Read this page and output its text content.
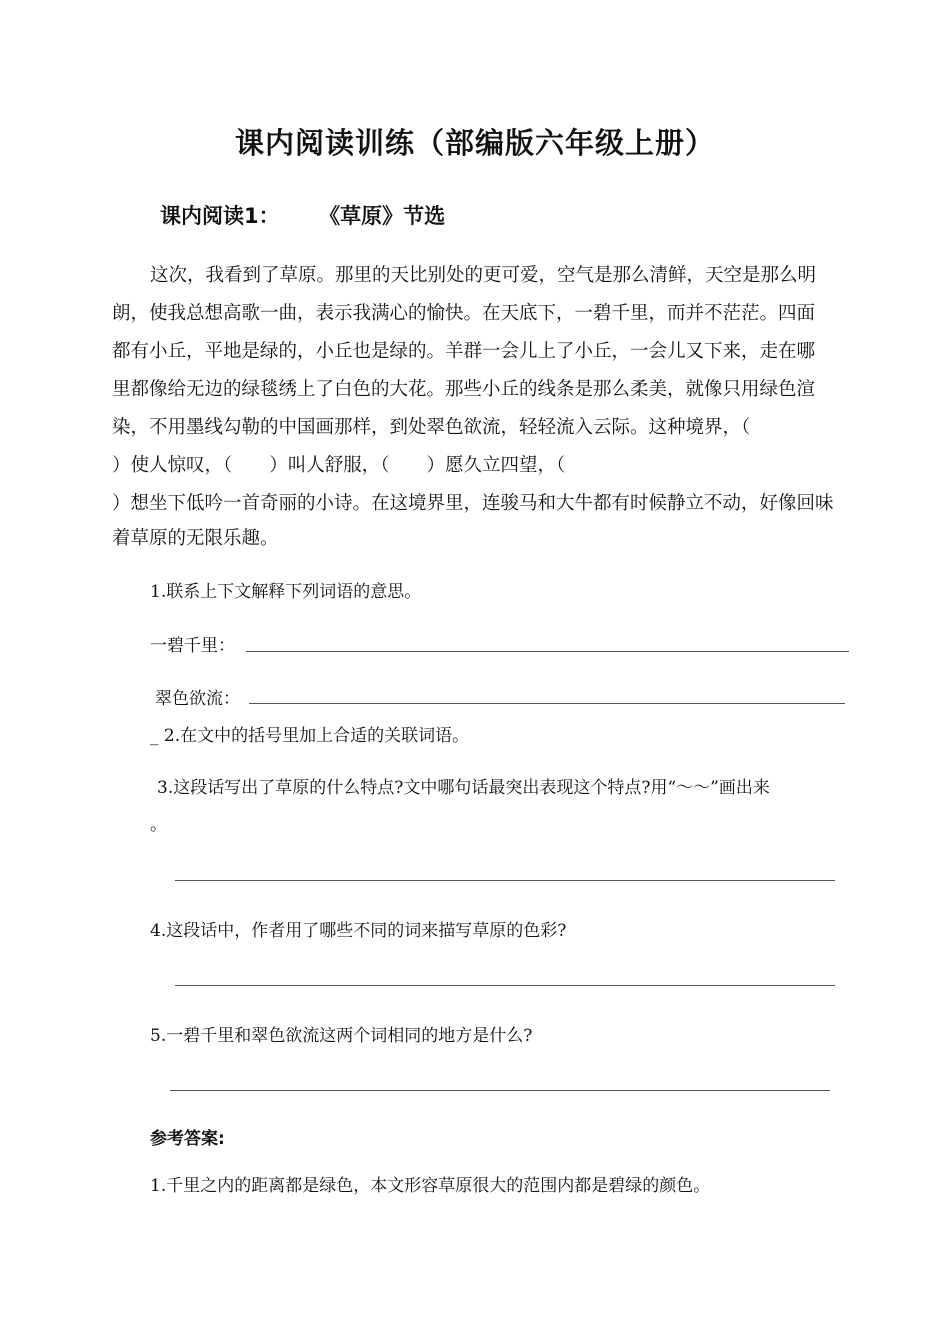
课内阅读训练（部编版六年级上册）
课内阅读1： 《草原》节选
这次，我看到了草原。那里的天比别处的更可爱，空气是那么清鲜，天空是那么明
朗，使我总想高歌一曲，表示我满心的愉快。在天底下，一碧千里，而并不茫茫。四面
都有小丘，平地是绿的，小丘也是绿的。羊群一会儿上了小丘，一会儿又下来，走在哪
里都像给无边的绿毯绣上了白色的大花。那些小丘的线条是那么柔美，就像只用绿色渲
染，不用墨线勾勒的中国画那样，到处翠色欲流，轻轻流入云际。这种境界，（
）使人惊叹，（　　）叫人舒服，（　　）愿久立四望，（
）想坐下低吟一首奇丽的小诗。在这境界里，连骏马和大牛都有时候静立不动，好像回味
着草原的无限乐趣。
1.联系上下文解释下列词语的意思。
一碧千里：
翠色欲流：
_ 2.在文中的括号里加上合适的关联词语。
3.这段话写出了草原的什么特点?文中哪句话最突出表现这个特点?用“～～”画出来
。
4.这段话中，作者用了哪些不同的词来描写草原的色彩?
5.一碧千里和翠色欲流这两个词相同的地方是什么?
参考答案:
1.千里之内的距离都是绿色，本文形容草原很大的范围内都是碧绿的颜色。
